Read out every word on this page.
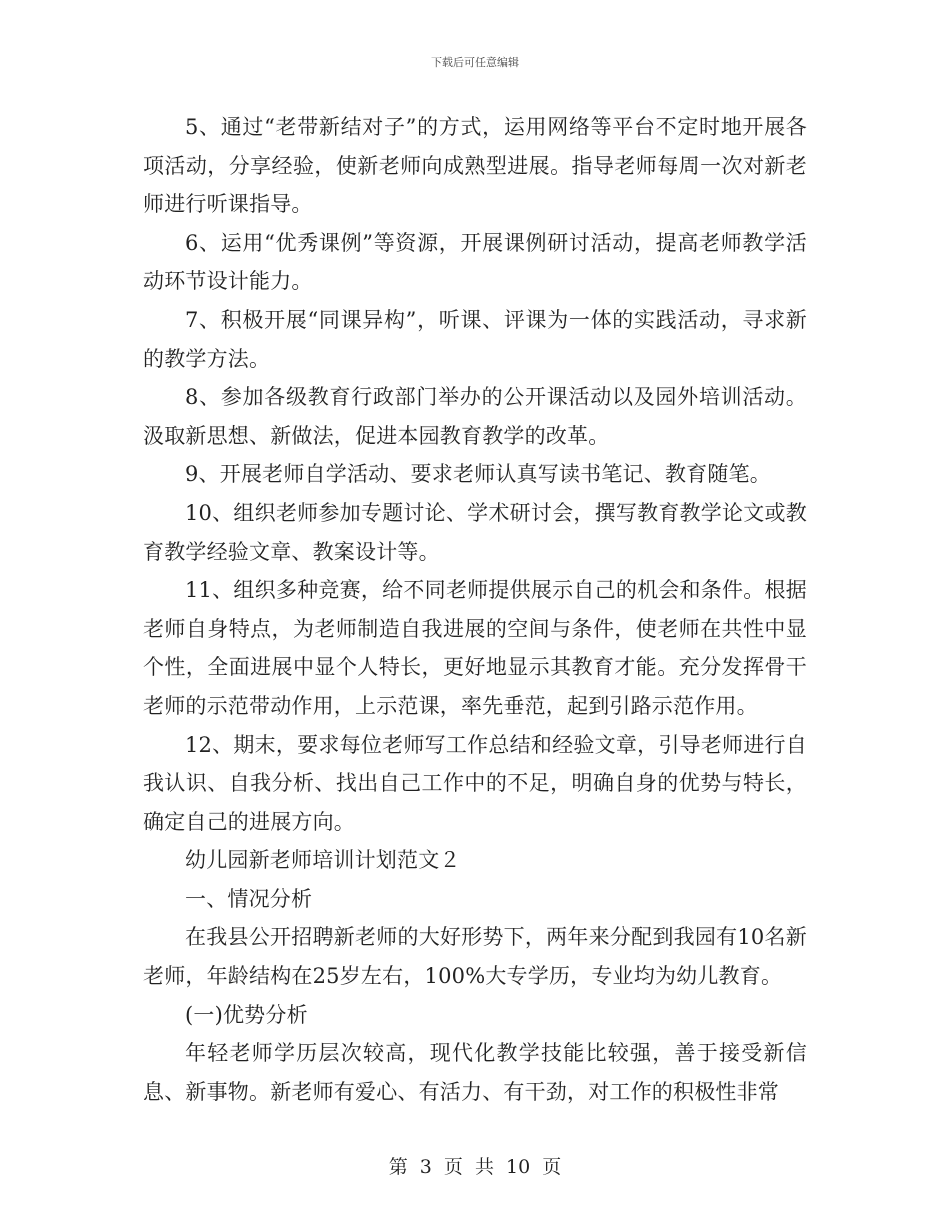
下载后可任意编辑

5、通过“老带新结对子”的方式，运用网络等平台不定时地开展各项活动，分享经验，使新老师向成熟型进展。指导老师每周一次对新老师进行听课指导。

6、运用“优秀课例”等资源，开展课例研讨活动，提高老师教学活动环节设计能力。

7、积极开展“同课异构”，听课、评课为一体的实践活动，寻求新的教学方法。

8、参加各级教育行政部门举办的公开课活动以及园外培训活动。汲取新思想、新做法，促进本园教育教学的改革。

9、开展老师自学活动、要求老师认真写读书笔记、教育随笔。

10、组织老师参加专题讨论、学术研讨会，撰写教育教学论文或教育教学经验文章、教案设计等。

11、组织多种竞赛，给不同老师提供展示自己的机会和条件。根据老师自身特点，为老师制造自我进展的空间与条件，使老师在共性中显个性，全面进展中显个人特长，更好地显示其教育才能。充分发挥骨干老师的示范带动作用，上示范课，率先垂范，起到引路示范作用。

12、期末，要求每位老师写工作总结和经验文章，引导老师进行自我认识、自我分析、找出自己工作中的不足，明确自身的优势与特长，确定自己的进展方向。

幼儿园新老师培训计划范文２

一、情况分析

在我县公开招聘新老师的大好形势下，两年来分配到我园有10名新老师，年龄结构在25岁左右，100%大专学历，专业均为幼儿教育。

(一)优势分析

年轻老师学历层次较高，现代化教学技能比较强，善于接受新信息、新事物。新老师有爱心、有活力、有干劲，对工作的积极性非常

第 3 页 共 10 页
